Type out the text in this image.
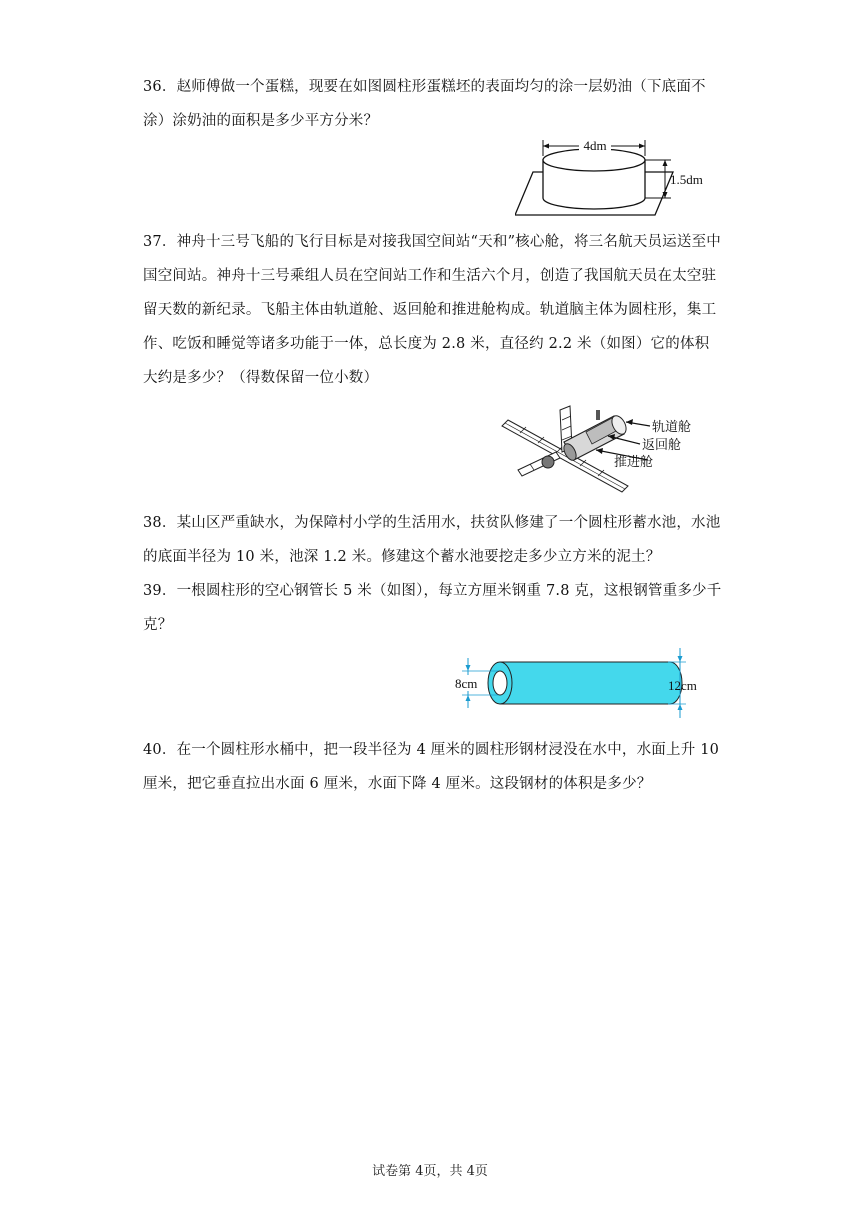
36．赵师傅做一个蛋糕，现要在如图圆柱形蛋糕坯的表面均匀的涂一层奶油（下底面不涂）涂奶油的面积是多少平方分米？
4dm
1.5dm
37．神舟十三号飞船的飞行目标是对接我国空间站“天和”核心舱，将三名航天员运送至中国空间站。神舟十三号乘组人员在空间站工作和生活六个月，创造了我国航天员在太空驻留天数的新纪录。飞船主体由轨道舱、返回舱和推进舱构成。轨道脑主体为圆柱形，集工作、吃饭和睡觉等诸多功能于一体，总长度为 2.8 米，直径约 2.2 米（如图）它的体积大约是多少？（得数保留一位小数）
轨道舱
返回舱
推进舱
38．某山区严重缺水，为保障村小学的生活用水，扶贫队修建了一个圆柱形蓄水池，水池的底面半径为 10 米，池深 1.2 米。修建这个蓄水池要挖走多少立方米的泥土？
39．一根圆柱形的空心钢管长 5 米（如图），每立方厘米钢重 7.8 克，这根钢管重多少千克？
8cm	12cm
40．在一个圆柱形水桶中，把一段半径为 4 厘米的圆柱形钢材浸没在水中，水面上升 10 厘米，把它垂直拉出水面 6 厘米，水面下降 4 厘米。这段钢材的体积是多少？
试卷第 4页，共 4页
